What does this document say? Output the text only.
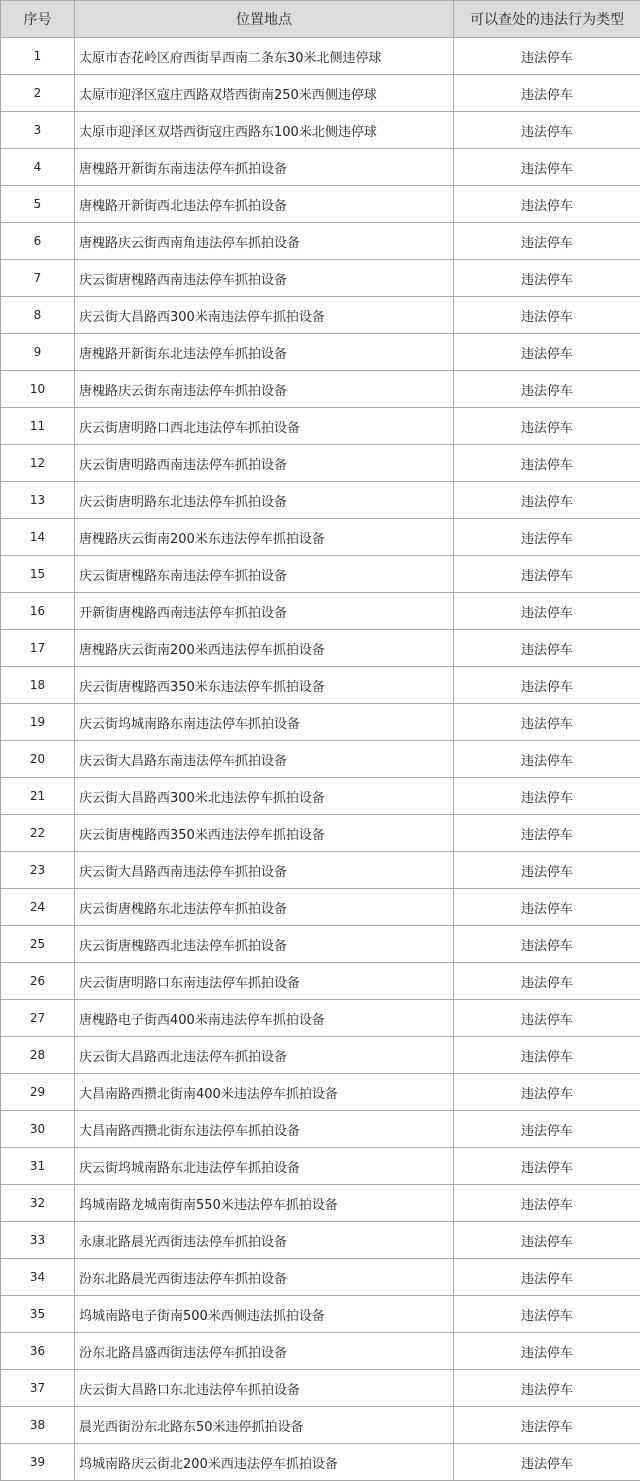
序号	位置地点	可以查处的违法行为类型
1	太原市杏花岭区府西街旱西南二条东30米北侧违停球	违法停车
2	太原市迎泽区寇庄西路双塔西街南250米西侧违停球	违法停车
3	太原市迎泽区双塔西街寇庄西路东100米北侧违停球	违法停车
4	唐槐路开新街东南违法停车抓拍设备	违法停车
5	唐槐路开新街西北违法停车抓拍设备	违法停车
6	唐槐路庆云街西南角违法停车抓拍设备	违法停车
7	庆云街唐槐路西南违法停车抓拍设备	违法停车
8	庆云街大昌路西300米南违法停车抓拍设备	违法停车
9	唐槐路开新街东北违法停车抓拍设备	违法停车
10	唐槐路庆云街东南违法停车抓拍设备	违法停车
11	庆云街唐明路口西北违法停车抓拍设备	违法停车
12	庆云街唐明路西南违法停车抓拍设备	违法停车
13	庆云街唐明路东北违法停车抓拍设备	违法停车
14	唐槐路庆云街南200米东违法停车抓拍设备	违法停车
15	庆云街唐槐路东南违法停车抓拍设备	违法停车
16	开新街唐槐路西南违法停车抓拍设备	违法停车
17	唐槐路庆云街南200米西违法停车抓拍设备	违法停车
18	庆云街唐槐路西350米东违法停车抓拍设备	违法停车
19	庆云街坞城南路东南违法停车抓拍设备	违法停车
20	庆云街大昌路东南违法停车抓拍设备	违法停车
21	庆云街大昌路西300米北违法停车抓拍设备	违法停车
22	庆云街唐槐路西350米西违法停车抓拍设备	违法停车
23	庆云街大昌路西南违法停车抓拍设备	违法停车
24	庆云街唐槐路东北违法停车抓拍设备	违法停车
25	庆云街唐槐路西北违法停车抓拍设备	违法停车
26	庆云街唐明路口东南违法停车抓拍设备	违法停车
27	唐槐路电子街西400米南违法停车抓拍设备	违法停车
28	庆云街大昌路西北违法停车抓拍设备	违法停车
29	大昌南路西攒北街南400米违法停车抓拍设备	违法停车
30	大昌南路西攒北街东违法停车抓拍设备	违法停车
31	庆云街坞城南路东北违法停车抓拍设备	违法停车
32	坞城南路龙城南街南550米违法停车抓拍设备	违法停车
33	永康北路晨光西街违法停车抓拍设备	违法停车
34	汾东北路晨光西街违法停车抓拍设备	违法停车
35	坞城南路电子街南500米西侧违法抓拍设备	违法停车
36	汾东北路昌盛西街违法停车抓拍设备	违法停车
37	庆云街大昌路口东北违法停车抓拍设备	违法停车
38	晨光西街汾东北路东50米违停抓拍设备	违法停车
39	坞城南路庆云街北200米西违法停车抓拍设备	违法停车
